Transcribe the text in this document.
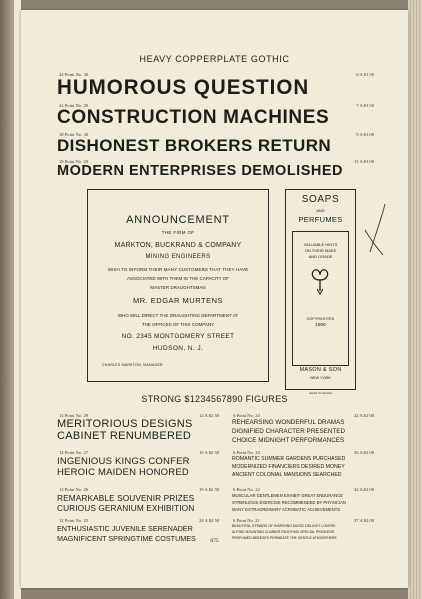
HEAVY COPPERPLATE GOTHIC
24 Point No. 30	6 A $3 50
HUMOROUS QUESTION
24 Point No. 29	7 A $3 50
CONSTRUCTION MACHINES
18 Point No. 30	9 A $3 00
DISHONEST BROKERS RETURN
18 Point No. 29	11 A $3 00
MODERN ENTERPRISES DEMOLISHED
ANNOUNCEMENT
THE FIRM OF
MARKTON, BUCKRAND & COMPANY
MINING ENGINEERS
WISH TO INFORM THEIR MANY CUSTOMERS THAT THEY HAVE
ASSOCIATED WITH THEM IN THE CAPACITY OF
MASTER DRAUGHTSMAN
MR. EDGAR MURTENS
WHO WILL DIRECT THE DRAUGHTING DEPARTMENT AT
THE OFFICES OF THIS COMPANY
NO. 2345 MONTGOMERY STREET
HUDSON, N. J.
CHARLES MARKTON, MANAGER
SOAPS
AND
PERFUMES
VALUABLE HINTS
ON THEIR MAKE
AND GRADE
COPYRIGHTED
1906
MASON & SON
NEW YORK
Axeld Ornament
STRONG $1234567890 FIGURES
12 Point No. 29	12 A $2 50
MERITORIOUS DESIGNS
CABINET RENUMBERED
12 Point No. 27	16 A $2 50
INGENIOUS KINGS CONFER
HEROIC MAIDEN HONORED
12 Point No. 26	19 A $2 50
REMARKABLE SOUVENIR PRIZES
CURIOUS GERANIUM EXHIBITION
12 Point No. 25	24 A $2 50
ENTHUSIASTIC JUVENILE SERENADER
MAGNIFICENT SPRINGTIME COSTUMES
6 Point No. 24	22 A $2 00
REHEARSING WONDERFUL DRAMAS
DIGNIFIED CHARACTER PRESENTED
CHOICE MIDNIGHT PERFORMANCES
6 Point No. 23	26 A $2 00
ROMANTIC SUMMER GARDENS PURCHASED
MODERNIZED FINANCIERS DESIRED MONEY
ANCIENT COLONIAL MANSIONS SEARCHED
6 Point No. 22	32 A $2 00
MUSCULAR GENTLEMEN EXHIBIT GREAT ENDURANCE
STRENUOUS EXERCISE RECOMMENDED BY PHYSICIAN
MANY EXTRAORDINARY ACROBATIC ACHIEVEMENTS
6 Point No. 21	37 A $2 00
BEAUTIFUL STRAINS OF INSPIRING MUSIC DELIGHT LOVERS
ALPINE MOUNTAIN CLIMBER ENJOYING SPECIAL PRIVILEGE
PERFUMED BREEZES PERMEATE THE GENTLE ATMOSPHERE
675
